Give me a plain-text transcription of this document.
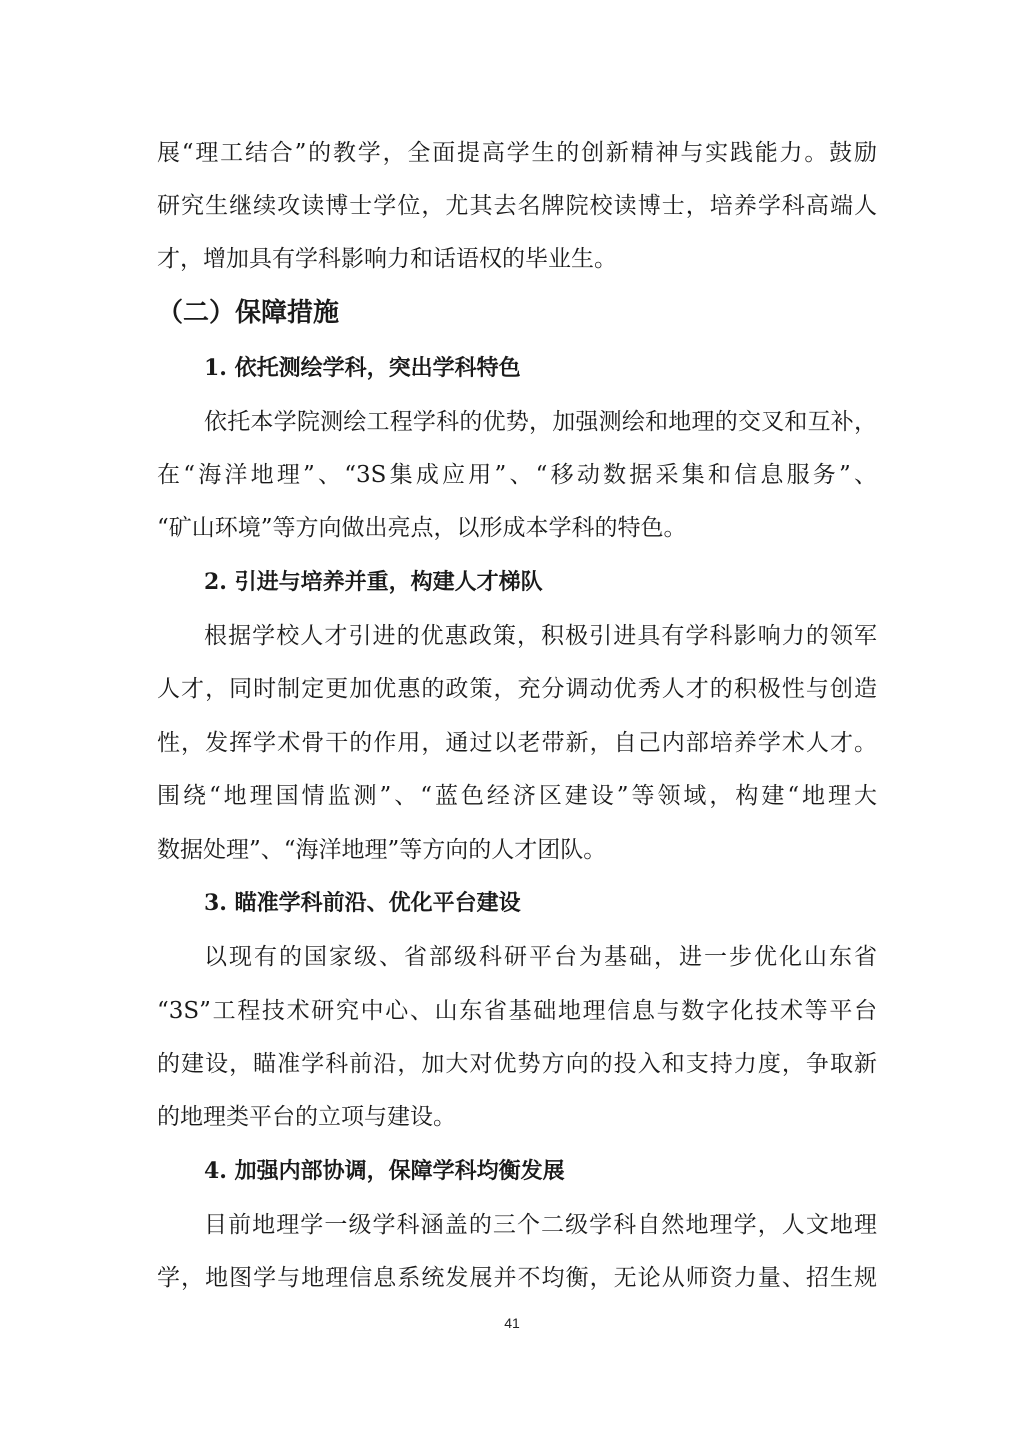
展“理工结合”的教学，全面提高学生的创新精神与实践能力。鼓励
研究生继续攻读博士学位，尤其去名牌院校读博士，培养学科高端人
才，增加具有学科影响力和话语权的毕业生。
（二）保障措施
1. 依托测绘学科，突出学科特色
依托本学院测绘工程学科的优势，加强测绘和地理的交叉和互补，
在“海洋地理”、“3S集成应用”、“移动数据采集和信息服务”、
“矿山环境”等方向做出亮点，以形成本学科的特色。
2. 引进与培养并重，构建人才梯队
根据学校人才引进的优惠政策，积极引进具有学科影响力的领军
人才，同时制定更加优惠的政策，充分调动优秀人才的积极性与创造
性，发挥学术骨干的作用，通过以老带新，自己内部培养学术人才。
围绕“地理国情监测”、“蓝色经济区建设”等领域，构建“地理大
数据处理”、“海洋地理”等方向的人才团队。
3. 瞄准学科前沿、优化平台建设
以现有的国家级、省部级科研平台为基础，进一步优化山东省
“3S”工程技术研究中心、山东省基础地理信息与数字化技术等平台
的建设，瞄准学科前沿，加大对优势方向的投入和支持力度，争取新
的地理类平台的立项与建设。
4. 加强内部协调，保障学科均衡发展
目前地理学一级学科涵盖的三个二级学科自然地理学，人文地理
学，地图学与地理信息系统发展并不均衡，无论从师资力量、招生规
41
